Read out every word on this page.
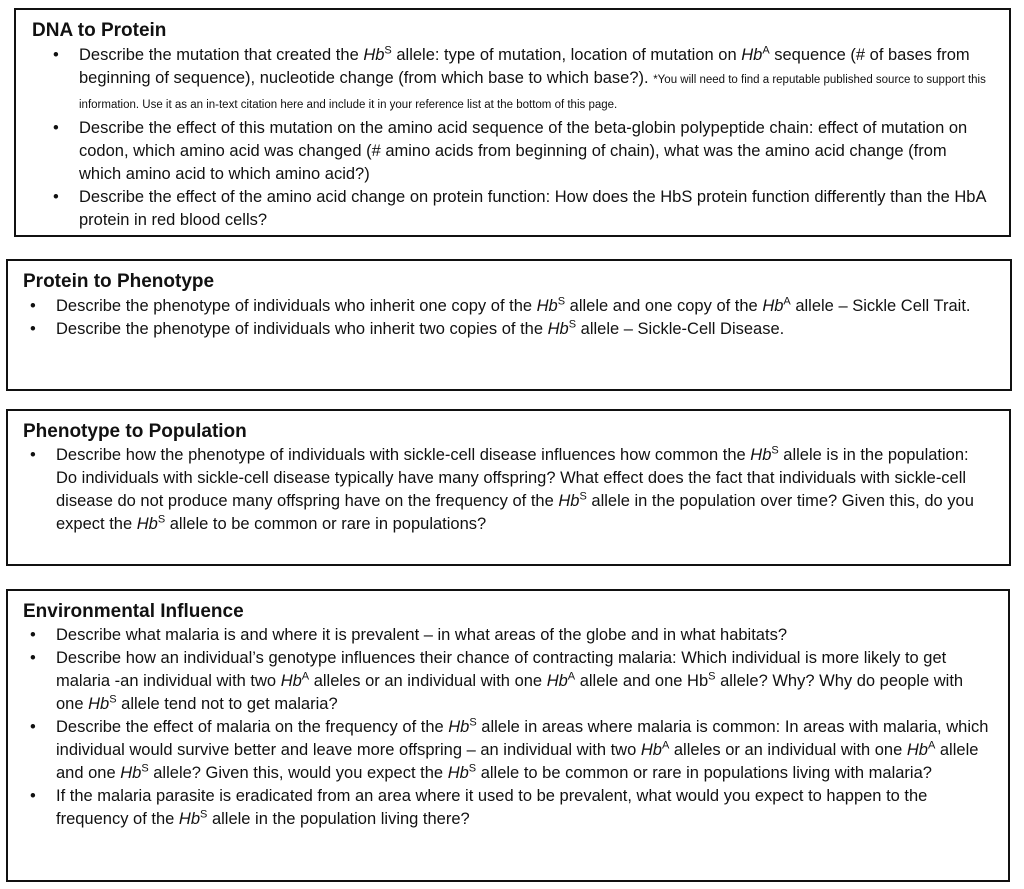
DNA to Protein
• Describe the mutation that created the $Hb^S$ allele: type of mutation, location of mutation on $Hb^A$ sequence (# of bases from beginning of sequence), nucleotide change (from which base to which base?). *You will need to find a reputable published source to support this information. Use it as an in-text citation here and include it in your reference list at the bottom of this page.
• Describe the effect of this mutation on the amino acid sequence of the beta-globin polypeptide chain: effect of mutation on codon, which amino acid was changed (# amino acids from beginning of chain), what was the amino acid change (from which amino acid to which amino acid?)
• Describe the effect of the amino acid change on protein function: How does the HbS protein function differently than the HbA protein in red blood cells?
Protein to Phenotype
• Describe the phenotype of individuals who inherit one copy of the $Hb^S$ allele and one copy of the $Hb^A$ allele – Sickle Cell Trait.
• Describe the phenotype of individuals who inherit two copies of the $Hb^S$ allele – Sickle-Cell Disease.
Phenotype to Population
• Describe how the phenotype of individuals with sickle-cell disease influences how common the $Hb^S$ allele is in the population: Do individuals with sickle-cell disease typically have many offspring? What effect does the fact that individuals with sickle-cell disease do not produce many offspring have on the frequency of the $Hb^S$ allele in the population over time? Given this, do you expect the $Hb^S$ allele to be common or rare in populations?
Environmental Influence
• Describe what malaria is and where it is prevalent – in what areas of the globe and in what habitats?
• Describe how an individual’s genotype influences their chance of contracting malaria: Which individual is more likely to get malaria -an individual with two $Hb^A$ alleles or an individual with one $Hb^A$ allele and one $Hb^S$ allele? Why? Why do people with one $Hb^S$ allele tend not to get malaria?
• Describe the effect of malaria on the frequency of the $Hb^S$ allele in areas where malaria is common: In areas with malaria, which individual would survive better and leave more offspring – an individual with two $Hb^A$ alleles or an individual with one $Hb^A$ allele and one $Hb^S$ allele? Given this, would you expect the $Hb^S$ allele to be common or rare in populations living with malaria?
• If the malaria parasite is eradicated from an area where it used to be prevalent, what would you expect to happen to the frequency of the $Hb^S$ allele in the population living there?
